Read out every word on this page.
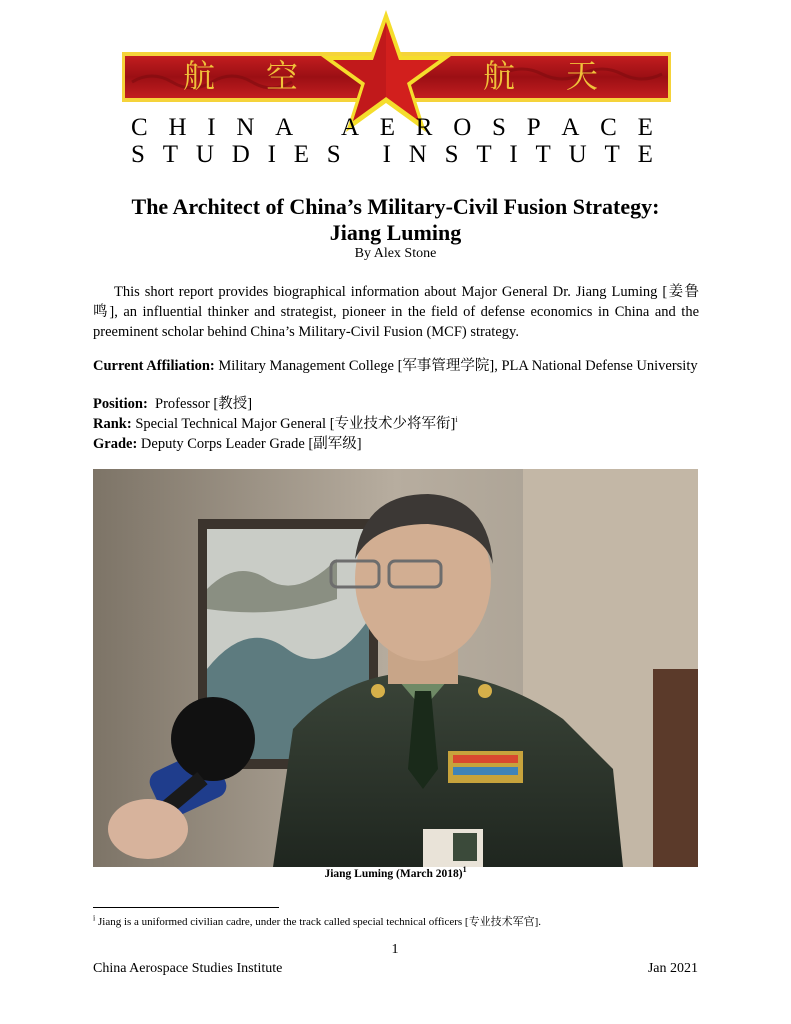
航 空	航 天
C H I N A
A E R O S P A C E
S T U D I E S
I N S T I T U T E
The Architect of China’s Military-Civil Fusion Strategy:
Jiang Luming
By Alex Stone

This short report provides biographical information about Major General Dr. Jiang Luming [姜鲁鸣], an influential thinker and strategist, pioneer in the field of defense economics in China and the preeminent scholar behind China’s Military-Civil Fusion (MCF) strategy.

Current Affiliation: Military Management College [军事管理学院], PLA National Defense University

Position: Professor [教授]

Rank: Special Technical Major General [专业技术少将军衔]$^i$

Grade: Deputy Corps Leader Grade [副军级]

Jiang Luming (March 2018)$^1$
$^i$ Jiang is a uniformed civilian cadre, under the track called special technical officers [专业技术军官].
1
China Aerospace Studies Institute	Jan 2021
